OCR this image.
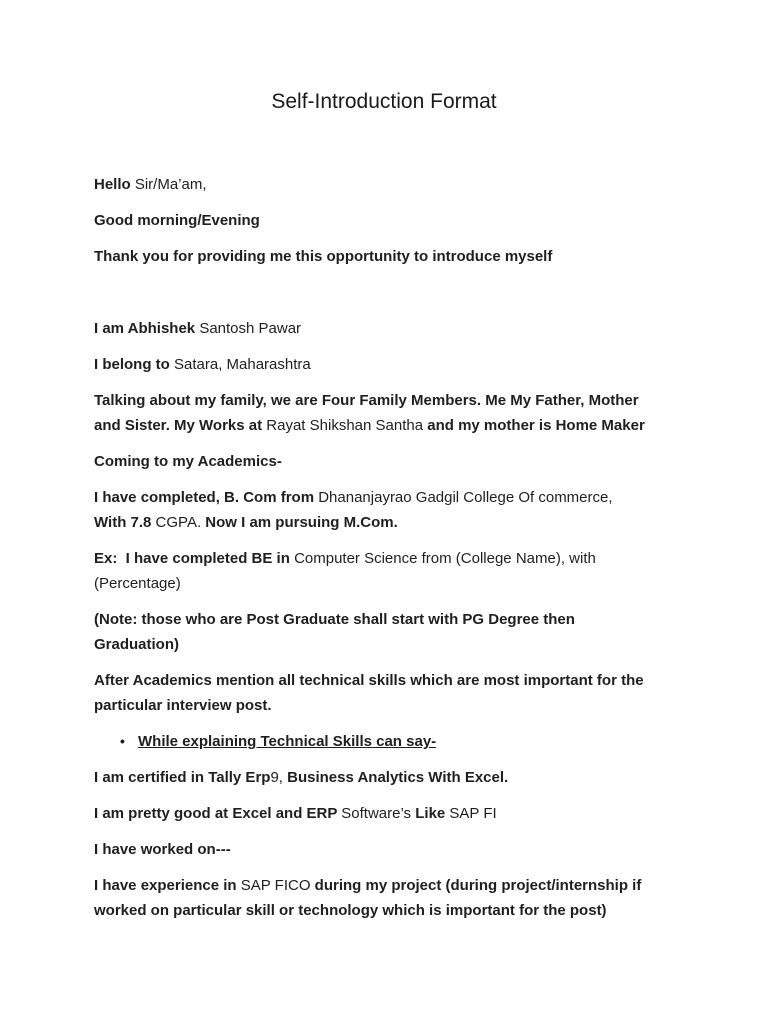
Self-Introduction Format

Hello Sir/Ma’am,

Good morning/Evening

Thank you for providing me this opportunity to introduce myself

I am Abhishek Santosh Pawar

I belong to Satara, Maharashtra

Talking about my family, we are Four Family Members. Me My Father, Mother
and Sister. My Works at Rayat Shikshan Santha and my mother is Home Maker

Coming to my Academics-

I have completed, B. Com from Dhananjayrao Gadgil College Of commerce,
With 7.8 CGPA. Now I am pursuing M.Com.

Ex:  I have completed BE in Computer Science from (College Name), with
(Percentage)

(Note: those who are Post Graduate shall start with PG Degree then
Graduation)

After Academics mention all technical skills which are most important for the
particular interview post.

• While explaining Technical Skills can say-

I am certified in Tally Erp9, Business Analytics With Excel.

I am pretty good at Excel and ERP Software’s Like SAP FI

I have worked on---

I have experience in SAP FICO during my project (during project/internship if
worked on particular skill or technology which is important for the post)
